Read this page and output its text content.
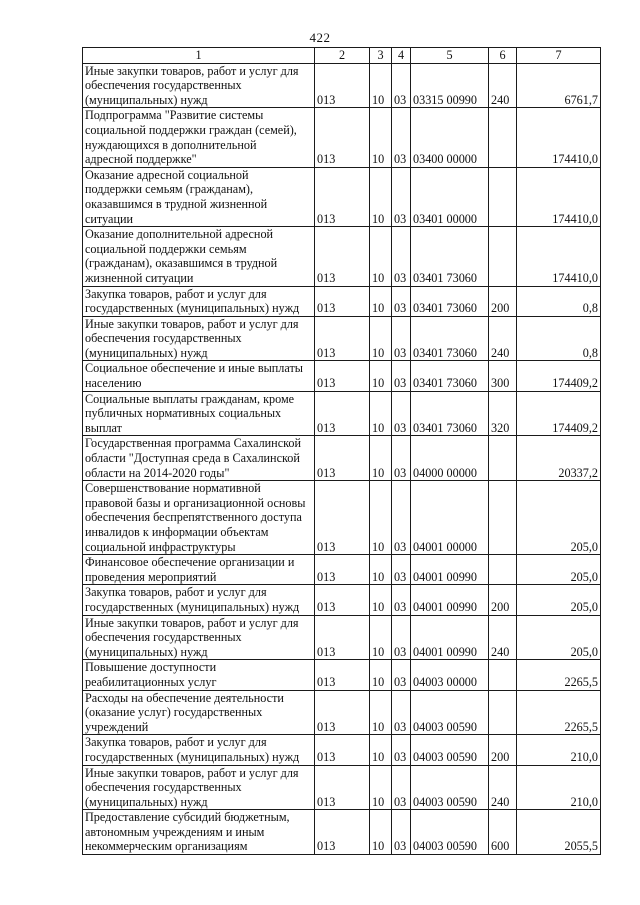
422
1	2	3	4	5	6	7
Иные закупки товаров, работ и услуг для
обеспечения государственных
(муниципальных) нужд	013	10	03	03315 00990	240	6761,7
Подпрограмма "Развитие системы
социальной поддержки граждан (семей),
нуждающихся в дополнительной
адресной поддержке"	013	10	03	03400 00000		174410,0
Оказание адресной социальной
поддержки семьям (гражданам),
оказавшимся в трудной жизненной
ситуации	013	10	03	03401 00000		174410,0
Оказание дополнительной адресной
социальной поддержки семьям
(гражданам), оказавшимся в трудной
жизненной ситуации	013	10	03	03401 73060		174410,0
Закупка товаров, работ и услуг для
государственных (муниципальных) нужд	013	10	03	03401 73060	200	0,8
Иные закупки товаров, работ и услуг для
обеспечения государственных
(муниципальных) нужд	013	10	03	03401 73060	240	0,8
Социальное обеспечение и иные выплаты
населению	013	10	03	03401 73060	300	174409,2
Социальные выплаты гражданам, кроме
публичных нормативных социальных
выплат	013	10	03	03401 73060	320	174409,2
Государственная программа Сахалинской
области "Доступная среда в Сахалинской
области на 2014-2020 годы"	013	10	03	04000 00000		20337,2
Совершенствование нормативной
правовой базы и организационной основы
обеспечения беспрепятственного доступа
инвалидов к информации объектам
социальной инфраструктуры	013	10	03	04001 00000		205,0
Финансовое обеспечение организации и
проведения мероприятий	013	10	03	04001 00990		205,0
Закупка товаров, работ и услуг для
государственных (муниципальных) нужд	013	10	03	04001 00990	200	205,0
Иные закупки товаров, работ и услуг для
обеспечения государственных
(муниципальных) нужд	013	10	03	04001 00990	240	205,0
Повышение доступности
реабилитационных услуг	013	10	03	04003 00000		2265,5
Расходы на обеспечение деятельности
(оказание услуг) государственных
учреждений	013	10	03	04003 00590		2265,5
Закупка товаров, работ и услуг для
государственных (муниципальных) нужд	013	10	03	04003 00590	200	210,0
Иные закупки товаров, работ и услуг для
обеспечения государственных
(муниципальных) нужд	013	10	03	04003 00590	240	210,0
Предоставление субсидий бюджетным,
автономным учреждениям и иным
некоммерческим организациям	013	10	03	04003 00590	600	2055,5
